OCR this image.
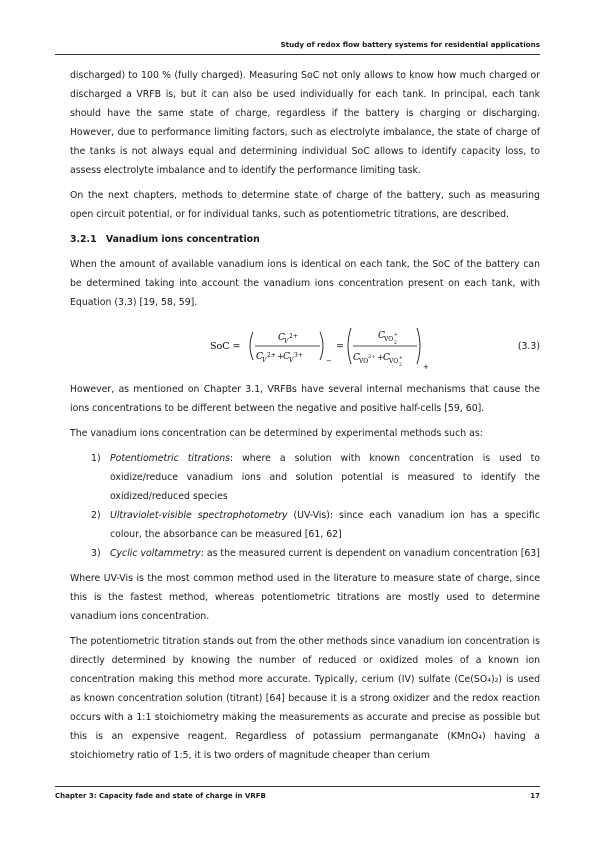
Study of redox flow battery systems for residential applications

discharged) to 100 % (fully charged). Measuring SoC not only allows to know how much charged or discharged a VRFB is, but it can also be used individually for each tank. In principal, each tank should have the same state of charge, regardless if the battery is charging or discharging. However, due to performance limiting factors, such as electrolyte imbalance, the state of charge of the tanks is not always equal and determining individual SoC allows to identify capacity loss, to assess electrolyte imbalance and to identify the performance limiting task.

On the next chapters, methods to determine state of charge of the battery, such as measuring open circuit potential, or for individual tanks, such as potentiometric titrations, are described.

3.2.1 Vanadium ions concentration

When the amount of available vanadium ions is identical on each tank, the SoC of the battery can be determined taking into account the vanadium ions concentration present on each tank, with Equation (3.3) [19, 58, 59].

SoC =
C V
2+
C V
2+ + C V
3+
−
=
C VO
2
+
C VO
2+ + C VO
2
+
+
(3.3)

However, as mentioned on Chapter 3.1, VRFBs have several internal mechanisms that cause the ions concentrations to be different between the negative and positive half-cells [59, 60].

The vanadium ions concentration can be determined by experimental methods such as:

1) Potentiometric titrations: where a solution with known concentration is used to oxidize/reduce vanadium ions and solution potential is measured to identify the oxidized/reduced species
2) Ultraviolet-visible spectrophotometry (UV-Vis): since each vanadium ion has a specific colour, the absorbance can be measured [61, 62]
3) Cyclic voltammetry: as the measured current is dependent on vanadium concentration [63]

Where UV-Vis is the most common method used in the literature to measure state of charge, since this is the fastest method, whereas potentiometric titrations are mostly used to determine vanadium ions concentration.

The potentiometric titration stands out from the other methods since vanadium ion concentration is directly determined by knowing the number of reduced or oxidized moles of a known ion concentration making this method more accurate. Typically, cerium (IV) sulfate (Ce(SO₄)₂) is used as known concentration solution (titrant) [64] because it is a strong oxidizer and the redox reaction occurs with a 1:1 stoichiometry making the measurements as accurate and precise as possible but this is an expensive reagent. Regardless of potassium permanganate (KMnO₄) having a stoichiometry ratio of 1:5, it is two orders of magnitude cheaper than cerium

Chapter 3: Capacity fade and state of charge in VRFB	17
